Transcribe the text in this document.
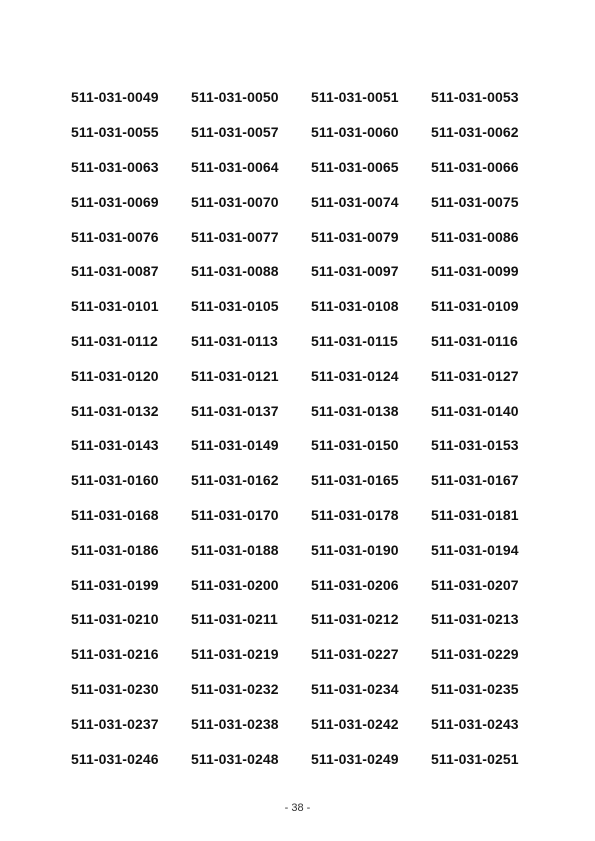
511-031-0049	511-031-0050	511-031-0051	511-031-0053
511-031-0055	511-031-0057	511-031-0060	511-031-0062
511-031-0063	511-031-0064	511-031-0065	511-031-0066
511-031-0069	511-031-0070	511-031-0074	511-031-0075
511-031-0076	511-031-0077	511-031-0079	511-031-0086
511-031-0087	511-031-0088	511-031-0097	511-031-0099
511-031-0101	511-031-0105	511-031-0108	511-031-0109
511-031-0112	511-031-0113	511-031-0115	511-031-0116
511-031-0120	511-031-0121	511-031-0124	511-031-0127
511-031-0132	511-031-0137	511-031-0138	511-031-0140
511-031-0143	511-031-0149	511-031-0150	511-031-0153
511-031-0160	511-031-0162	511-031-0165	511-031-0167
511-031-0168	511-031-0170	511-031-0178	511-031-0181
511-031-0186	511-031-0188	511-031-0190	511-031-0194
511-031-0199	511-031-0200	511-031-0206	511-031-0207
511-031-0210	511-031-0211	511-031-0212	511-031-0213
511-031-0216	511-031-0219	511-031-0227	511-031-0229
511-031-0230	511-031-0232	511-031-0234	511-031-0235
511-031-0237	511-031-0238	511-031-0242	511-031-0243
511-031-0246	511-031-0248	511-031-0249	511-031-0251
- 38 -
